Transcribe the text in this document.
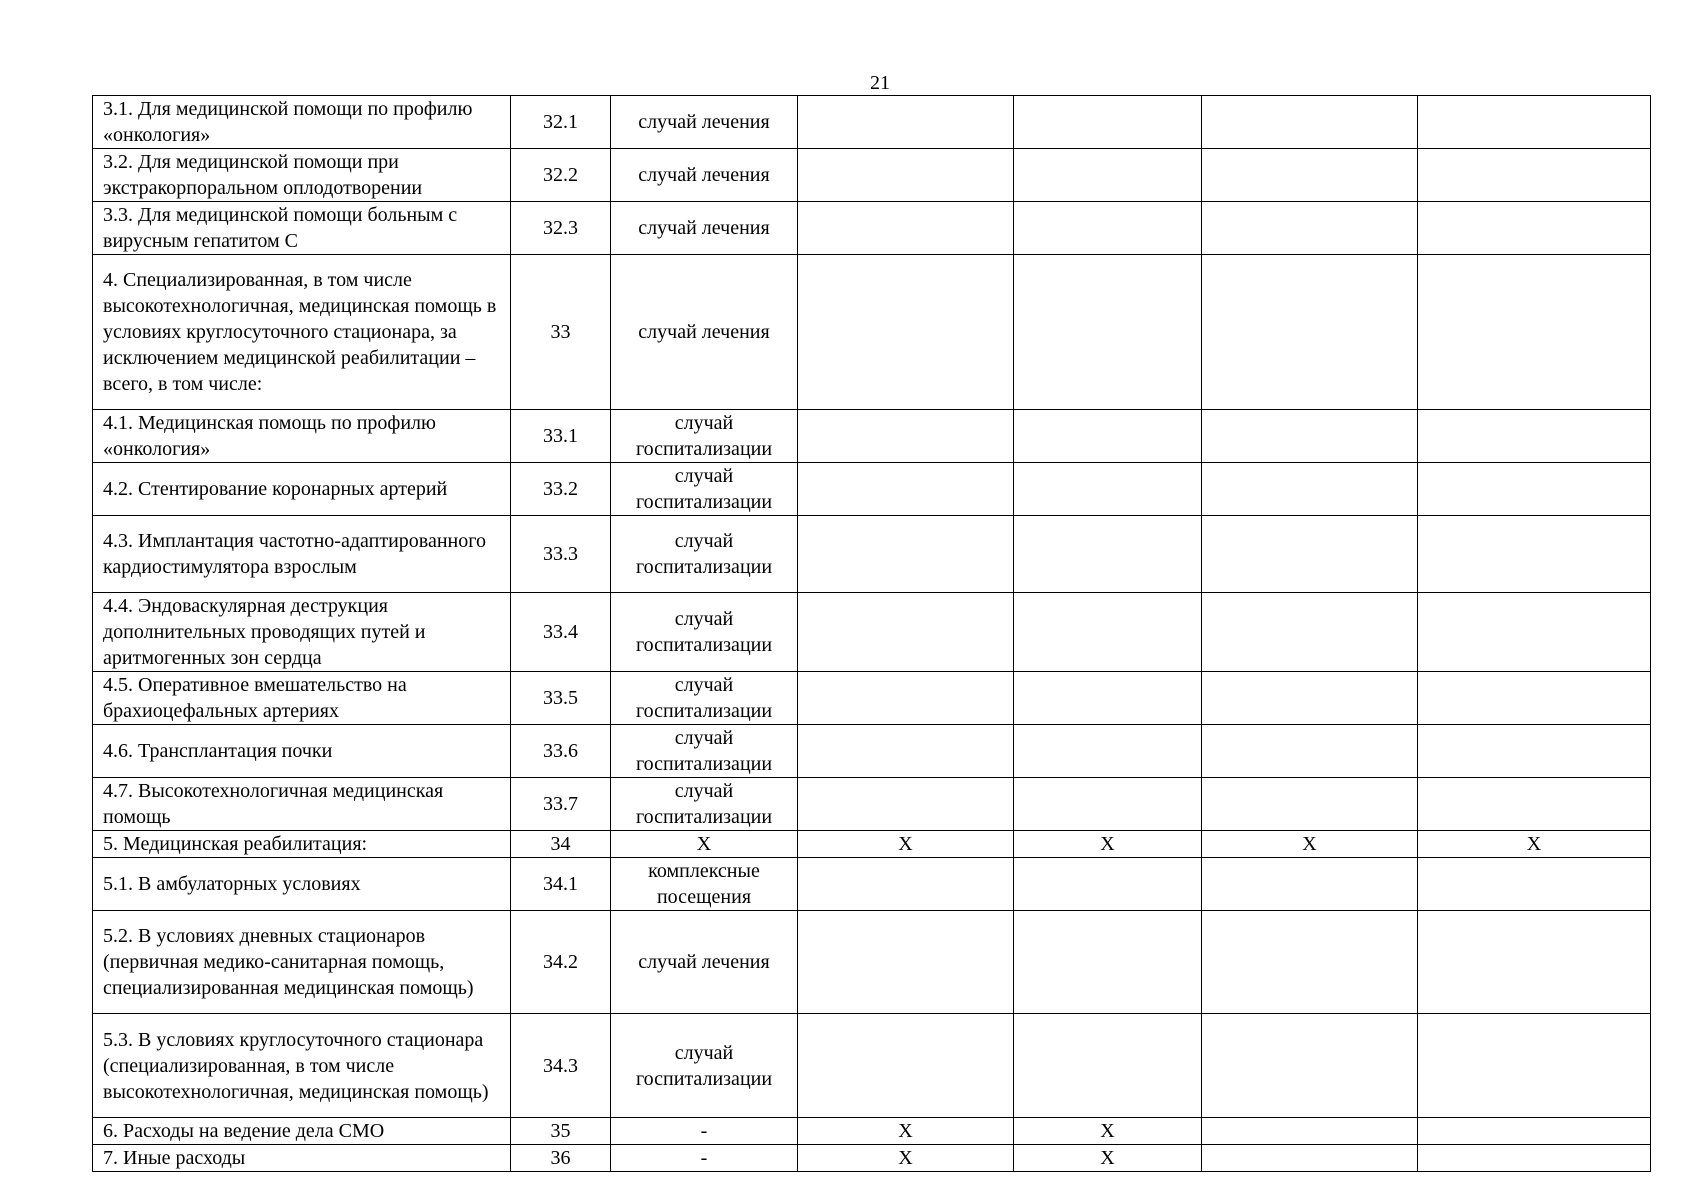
21
3.1. Для медицинской помощи по профилю «онкология»	32.1	случай лечения				
3.2. Для медицинской помощи при экстракорпоральном оплодотворении	32.2	случай лечения				
3.3. Для медицинской помощи больным с вирусным гепатитом С	32.3	случай лечения				
4. Специализированная, в том числе высокотехнологичная, медицинская помощь в условиях круглосуточного стационара, за исключением медицинской реабилитации – всего, в том числе:	33	случай лечения				
4.1. Медицинская помощь по профилю «онкология»	33.1	случай госпитализации				
4.2. Стентирование коронарных артерий	33.2	случай госпитализации				
4.3. Имплантация частотно-адаптированного кардиостимулятора взрослым	33.3	случай госпитализации				
4.4. Эндоваскулярная деструкция дополнительных проводящих путей и аритмогенных зон сердца	33.4	случай госпитализации				
4.5. Оперативное вмешательство на брахиоцефальных артериях	33.5	случай госпитализации				
4.6. Трансплантация почки	33.6	случай госпитализации				
4.7. Высокотехнологичная медицинская помощь	33.7	случай госпитализации				
5. Медицинская реабилитация:	34	X	X	X	X	X
5.1. В амбулаторных условиях	34.1	комплексные посещения				
5.2. В условиях дневных стационаров (первичная медико-санитарная помощь, специализированная медицинская помощь)	34.2	случай лечения				
5.3. В условиях круглосуточного стационара (специализированная, в том числе высокотехнологичная, медицинская помощь)	34.3	случай госпитализации				
6. Расходы на ведение дела СМО	35	-	X	X		
7. Иные расходы	36	-	X	X		
